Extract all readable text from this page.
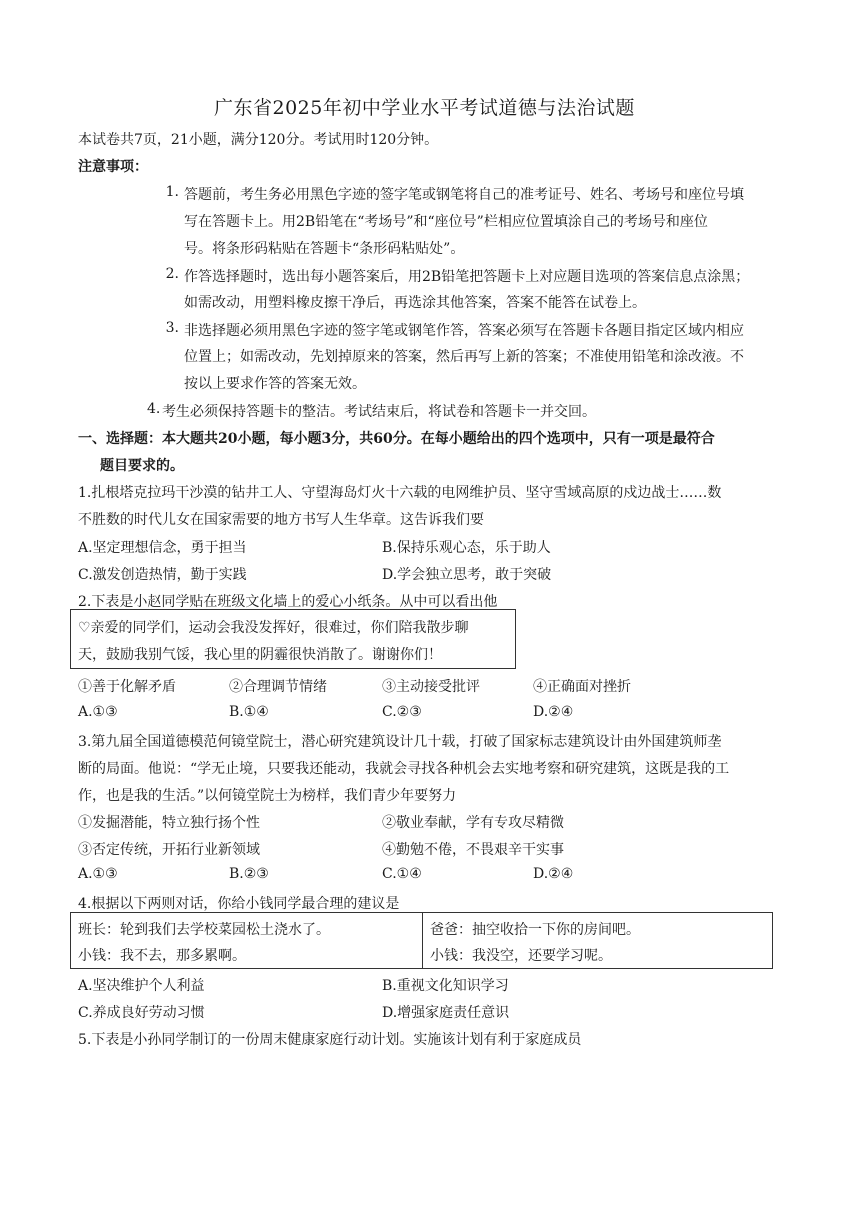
广东省2025年初中学业水平考试道德与法治试题
本试卷共7页，21小题，满分120分。考试用时120分钟。
注意事项：
1. 答题前，考生务必用黑色字迹的签字笔或钢笔将自己的准考证号、姓名、考场号和座位号填
写在答题卡上。用2B铅笔在“考场号”和“座位号”栏相应位置填涂自己的考场号和座位
号。将条形码粘贴在答题卡“条形码粘贴处”。
2. 作答选择题时，选出每小题答案后，用2B铅笔把答题卡上对应题目选项的答案信息点涂黑；
如需改动，用塑料橡皮擦干净后，再选涂其他答案，答案不能答在试卷上。
3. 非选择题必须用黑色字迹的签字笔或钢笔作答，答案必须写在答题卡各题目指定区域内相应
位置上；如需改动，先划掉原来的答案，然后再写上新的答案；不准使用铅笔和涂改液。不
按以上要求作答的答案无效。
4. 考生必须保持答题卡的整洁。考试结束后，将试卷和答题卡一并交回。
一、选择题：本大题共20小题，每小题3分，共60分。在每小题给出的四个选项中，只有一项是最符合
题目要求的。
1.扎根塔克拉玛干沙漠的钻井工人、守望海岛灯火十六载的电网维护员、坚守雪域高原的戍边战士……数
不胜数的时代儿女在国家需要的地方书写人生华章。这告诉我们要
A.坚定理想信念，勇于担当	B.保持乐观心态，乐于助人
C.激发创造热情，勤于实践	D.学会独立思考，敢于突破
2.下表是小赵同学贴在班级文化墙上的爱心小纸条。从中可以看出他
♡亲爱的同学们，运动会我没发挥好，很难过，你们陪我散步聊
天，鼓励我别气馁，我心里的阴霾很快消散了。谢谢你们！
①善于化解矛盾	②合理调节情绪	③主动接受批评	④正确面对挫折
A.①③	B.①④	C.②③	D.②④
3.第九届全国道德模范何镜堂院士，潜心研究建筑设计几十载，打破了国家标志建筑设计由外国建筑师垄
断的局面。他说：“学无止境，只要我还能动，我就会寻找各种机会去实地考察和研究建筑，这既是我的工
作，也是我的生活。”以何镜堂院士为榜样，我们青少年要努力
①发掘潜能，特立独行扬个性	②敬业奉献，学有专攻尽精微
③否定传统，开拓行业新领域	④勤勉不倦，不畏艰辛干实事
A.①③	B.②③	C.①④	D.②④
4.根据以下两则对话，你给小钱同学最合理的建议是
班长：轮到我们去学校菜园松土浇水了。
小钱：我不去，那多累啊。
爸爸：抽空收拾一下你的房间吧。
小钱：我没空，还要学习呢。
A.坚决维护个人利益	B.重视文化知识学习
C.养成良好劳动习惯	D.增强家庭责任意识
5.下表是小孙同学制订的一份周末健康家庭行动计划。实施该计划有利于家庭成员
